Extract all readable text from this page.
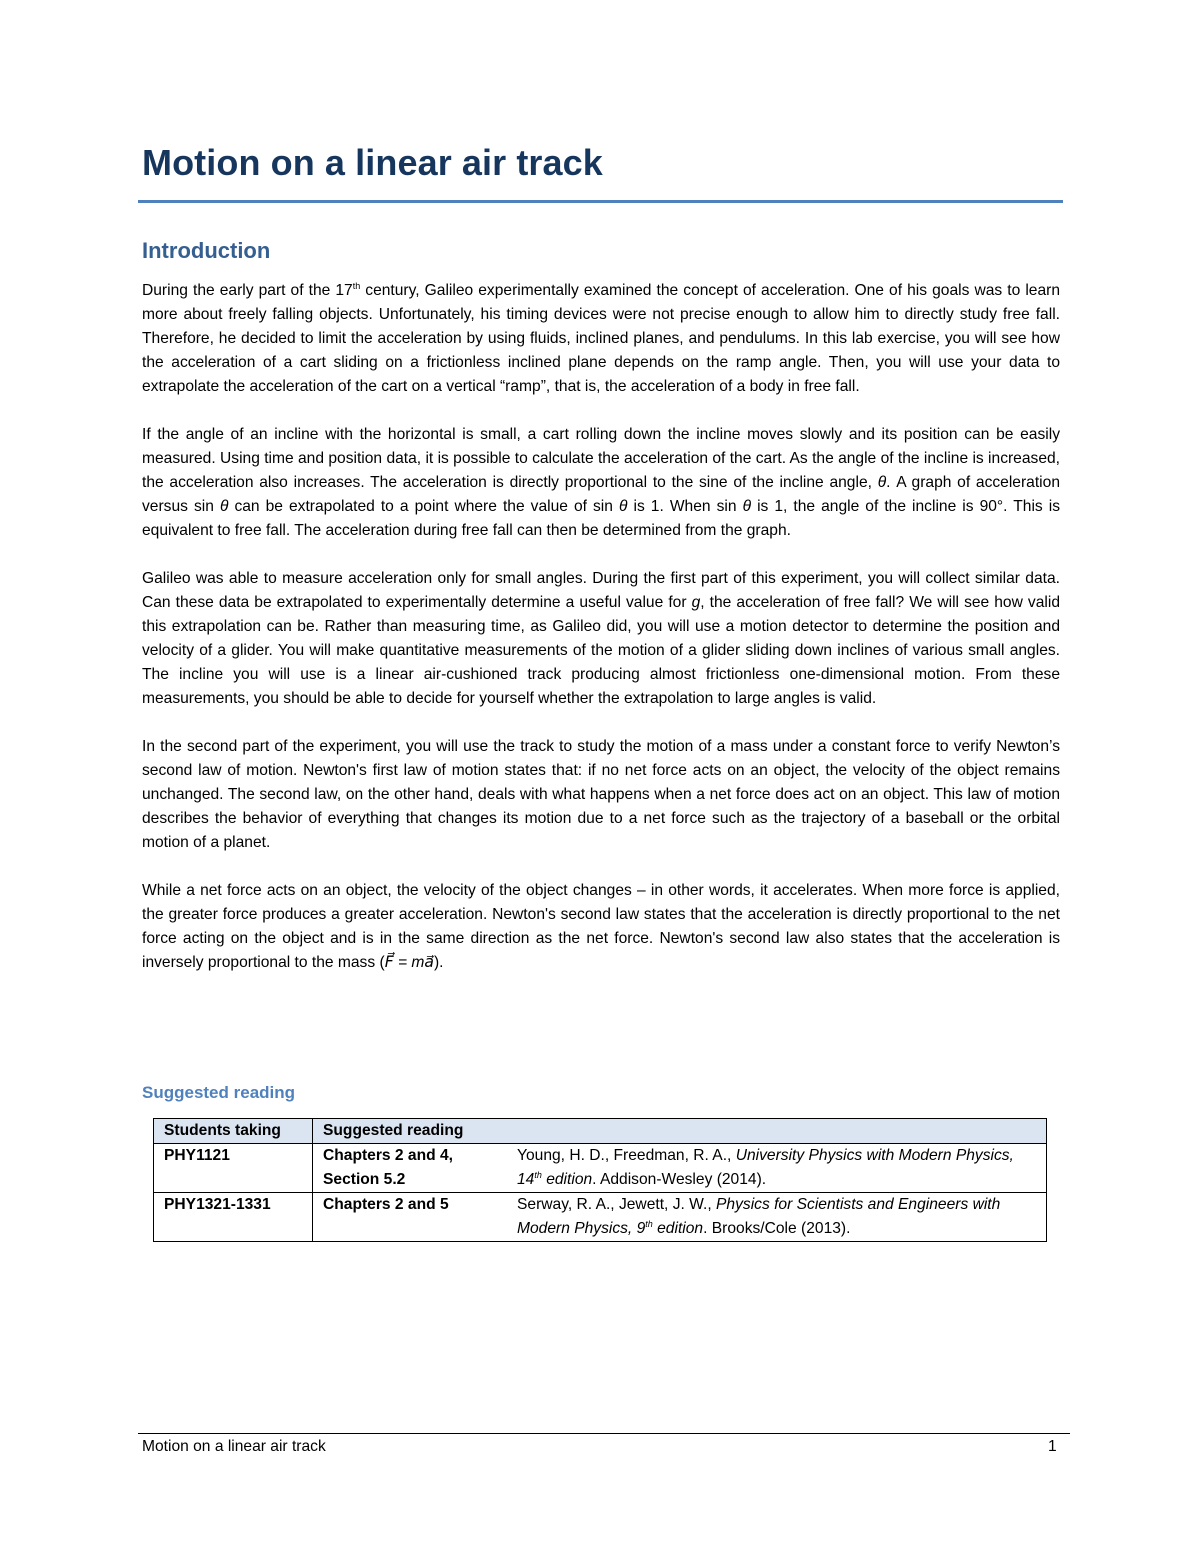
Motion on a linear air track
Introduction

During the early part of the 17th century, Galileo experimentally examined the concept of acceleration. One of his goals was to learn more about freely falling objects. Unfortunately, his timing devices were not precise enough to allow him to directly study free fall. Therefore, he decided to limit the acceleration by using fluids, inclined planes, and pendulums. In this lab exercise, you will see how the acceleration of a cart sliding on a frictionless inclined plane depends on the ramp angle. Then, you will use your data to extrapolate the acceleration of the cart on a vertical “ramp”, that is, the acceleration of a body in free fall.

If the angle of an incline with the horizontal is small, a cart rolling down the incline moves slowly and its position can be easily measured. Using time and position data, it is possible to calculate the acceleration of the cart. As the angle of the incline is increased, the acceleration also increases. The acceleration is directly proportional to the sine of the incline angle, θ. A graph of acceleration versus sin θ can be extrapolated to a point where the value of sin θ is 1. When sin θ is 1, the angle of the incline is 90°. This is equivalent to free fall. The acceleration during free fall can then be determined from the graph.

Galileo was able to measure acceleration only for small angles. During the first part of this experiment, you will collect similar data. Can these data be extrapolated to experimentally determine a useful value for g, the acceleration of free fall? We will see how valid this extrapolation can be. Rather than measuring time, as Galileo did, you will use a motion detector to determine the position and velocity of a glider. You will make quantitative measurements of the motion of a glider sliding down inclines of various small angles. The incline you will use is a linear air-cushioned track producing almost frictionless one-dimensional motion. From these measurements, you should be able to decide for yourself whether the extrapolation to large angles is valid.

In the second part of the experiment, you will use the track to study the motion of a mass under a constant force to verify Newton’s second law of motion. Newton's first law of motion states that: if no net force acts on an object, the velocity of the object remains unchanged. The second law, on the other hand, deals with what happens when a net force does act on an object. This law of motion describes the behavior of everything that changes its motion due to a net force such as the trajectory of a baseball or the orbital motion of a planet.

While a net force acts on an object, the velocity of the object changes – in other words, it accelerates. When more force is applied, the greater force produces a greater acceleration. Newton's second law states that the acceleration is directly proportional to the net force acting on the object and is in the same direction as the net force. Newton's second law also states that the acceleration is inversely proportional to the mass (F⃗ = ma⃗).

Suggested reading
Students taking	Suggested reading	
PHY1121	Chapters 2 and 4, Section 5.2	Young, H. D., Freedman, R. A., University Physics with Modern Physics, 14th edition. Addison-Wesley (2014).
PHY1321-1331	Chapters 2 and 5	Serway, R. A., Jewett, J. W., Physics for Scientists and Engineers with Modern Physics, 9th edition. Brooks/Cole (2013).
Motion on a linear air track	1
